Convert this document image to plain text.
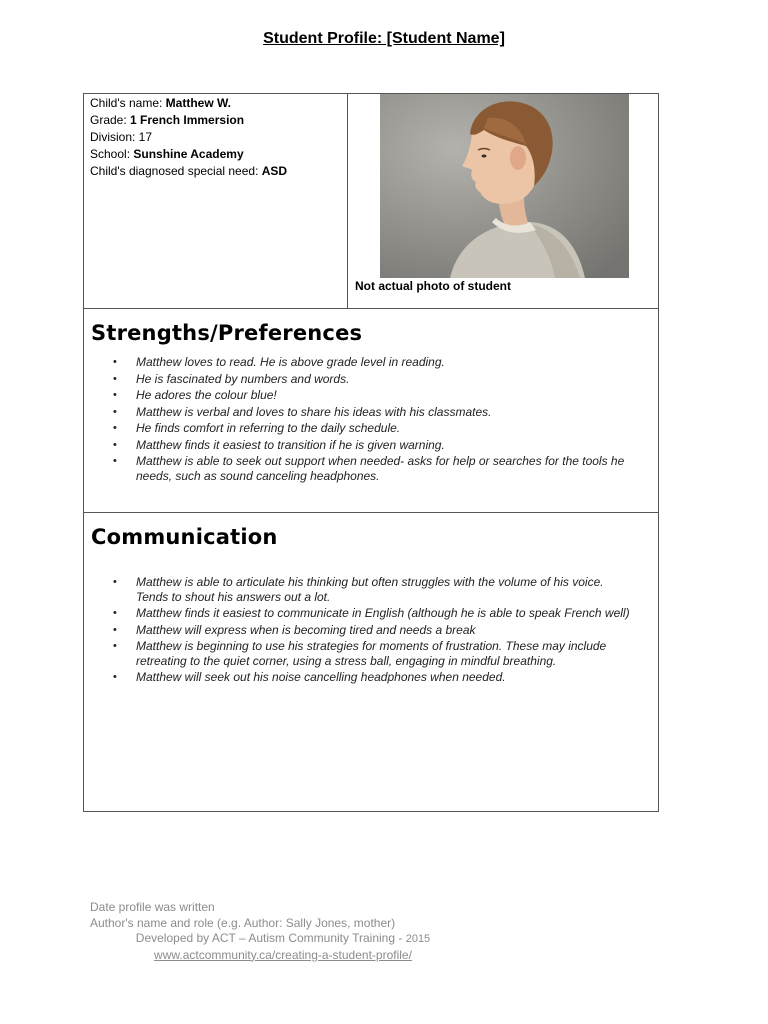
Student Profile: [Student Name]
Child's name: Matthew W.
Grade: 1 French Immersion
Division: 17
School: Sunshine Academy
Child's diagnosed special need: ASD
Not actual photo of student
Strengths/Preferences
• Matthew loves to read. He is above grade level in reading.
• He is fascinated by numbers and words.
• He adores the colour blue!
• Matthew is verbal and loves to share his ideas with his classmates.
• He finds comfort in referring to the daily schedule.
• Matthew finds it easiest to transition if he is given warning.
• Matthew is able to seek out support when needed- asks for help or searches for the tools he needs, such as sound canceling headphones.
Communication
• Matthew is able to articulate his thinking but often struggles with the volume of his voice. Tends to shout his answers out a lot.
• Matthew finds it easiest to communicate in English (although he is able to speak French well)
• Matthew will express when is becoming tired and needs a break
• Matthew is beginning to use his strategies for moments of frustration. These may include retreating to the quiet corner, using a stress ball, engaging in mindful breathing.
• Matthew will seek out his noise cancelling headphones when needed.
Date profile was written
Author's name and role (e.g. Author: Sally Jones, mother)
Developed by ACT – Autism Community Training - 2015
www.actcommunity.ca/creating-a-student-profile/
